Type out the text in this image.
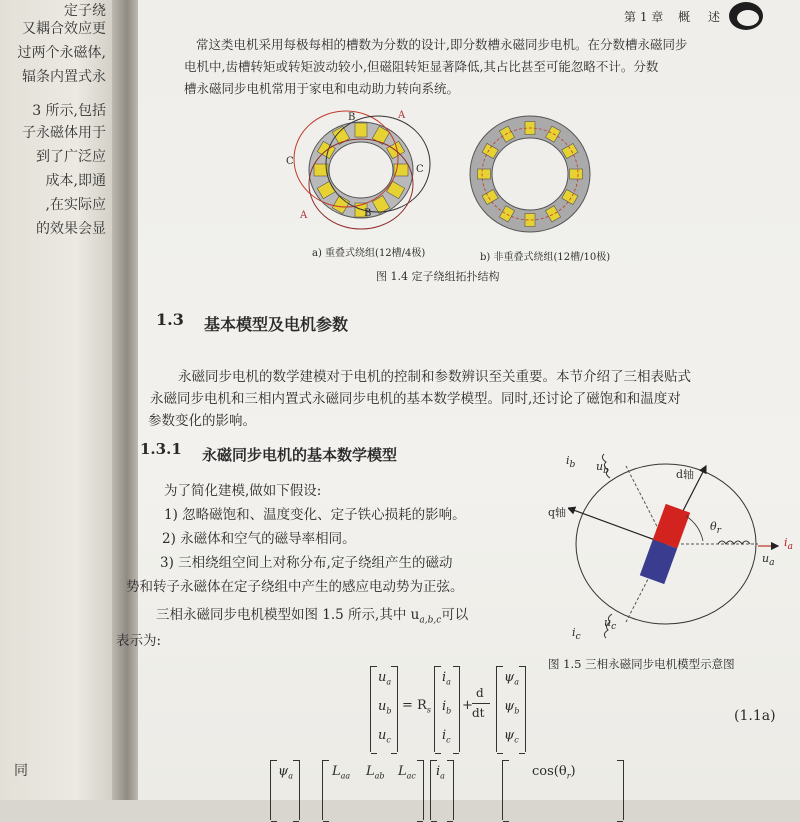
定子绕
又耦合效应更
过两个永磁体,
辐条内置式永
3 所示,包括
子永磁体用于
到了广泛应
成本,即通
,在实际应
的效果会显
同
第 1 章 概 述
常这类电机采用每极每相的槽数为分数的设计,即分数槽永磁同步电机。在分数槽永磁同步
电机中,齿槽转矩或转矩波动较小,但磁阻转矩显著降低,其占比甚至可能忽略不计。分数
槽永磁同步电机常用于家电和电动助力转向系统。
A
B
C
C
A
B
a) 重叠式绕组(12槽/4极)	b) 非重叠式绕组(12槽/10极)
图 1.4 定子绕组拓扑结构
1.3 基本模型及电机参数
永磁同步电机的数学建模对于电机的控制和参数辨识至关重要。本节介绍了三相表贴式
永磁同步电机和三相内置式永磁同步电机的基本数学模型。同时,还讨论了磁饱和和温度对
参数变化的影响。
1.3.1 永磁同步电机的基本数学模型
为了简化建模,做如下假设:
1) 忽略磁饱和、温度变化、定子铁心损耗的影响。
2) 永磁体和空气的磁导率相同。
3) 三相绕组空间上对称分布,定子绕组产生的磁动
势和转子永磁体在定子绕组中产生的感应电动势为正弦。
三相永磁同步电机模型如图 1.5 所示,其中 $u_{a,b,c}$可以
表示为:
d轴
q轴
$\theta_r$
$i_a$
$u_a$
$i_b$ $u_b$
$i_c$
$u_c$
图 1.5 三相永磁同步电机模型示意图
$u_a$
$u_b$
$u_c$
= $R_s$
$i_a$
$i_b$
$i_c$
+
d
dt
$\psi_a$
$\psi_b$
$\psi_c$
(1.1a)
$\psi_a$	$L_{aa}$ $L_{ab}$ $L_{ac}$ $i_a$	$\cos(\theta_r)$
